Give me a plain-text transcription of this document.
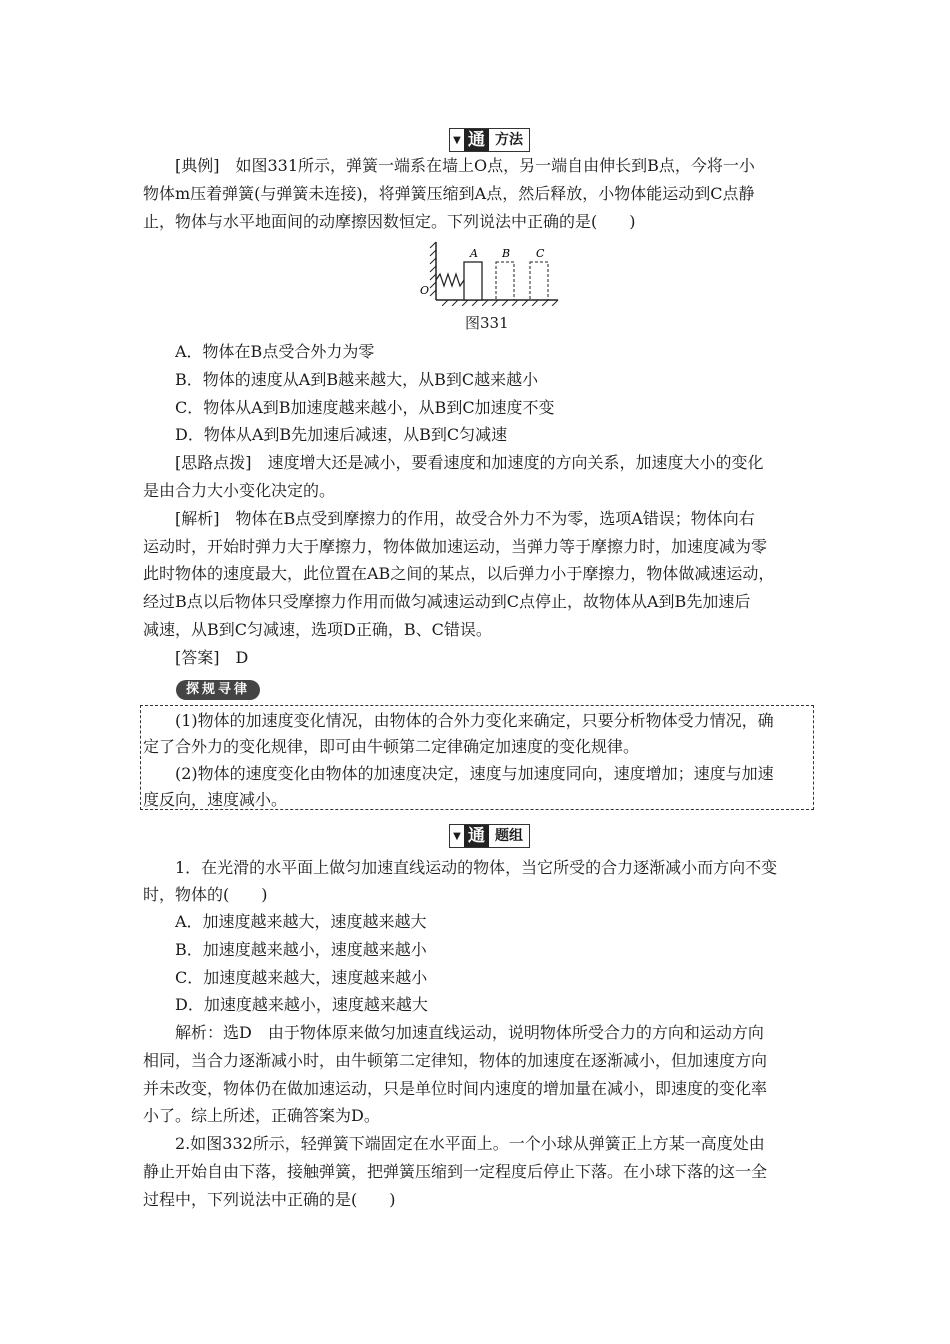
▼ 通 方法
[典例]　如图331所示，弹簧一端系在墙上O点，另一端自由伸长到B点，今将一小
物体m压着弹簧(与弹簧未连接)，将弹簧压缩到A点，然后释放，小物体能运动到C点静
止，物体与水平地面间的动摩擦因数恒定。下列说法中正确的是(　　)
A B C
O
图331
A．物体在B点受合外力为零
B．物体的速度从A到B越来越大，从B到C越来越小
C．物体从A到B加速度越来越小，从B到C加速度不变
D．物体从A到B先加速后减速，从B到C匀减速
[思路点拨]　速度增大还是减小，要看速度和加速度的方向关系，加速度大小的变化
是由合力大小变化决定的。
[解析]　物体在B点受到摩擦力的作用，故受合外力不为零，选项A错误；物体向右
运动时，开始时弹力大于摩擦力，物体做加速运动，当弹力等于摩擦力时，加速度减为零
此时物体的速度最大，此位置在AB之间的某点，以后弹力小于摩擦力，物体做减速运动，
经过B点以后物体只受摩擦力作用而做匀减速运动到C点停止，故物体从A到B先加速后
减速，从B到C匀减速，选项D正确，B、C错误。
[答案]　D
探规寻律
(1)物体的加速度变化情况，由物体的合外力变化来确定，只要分析物体受力情况，确
定了合外力的变化规律，即可由牛顿第二定律确定加速度的变化规律。
(2)物体的速度变化由物体的加速度决定，速度与加速度同向，速度增加；速度与加速
度反向，速度减小。
▼ 通 题组
1．在光滑的水平面上做匀加速直线运动的物体，当它所受的合力逐渐减小而方向不变
时，物体的(　　)
A．加速度越来越大，速度越来越大
B．加速度越来越小，速度越来越小
C．加速度越来越大，速度越来越小
D．加速度越来越小，速度越来越大
解析：选D　由于物体原来做匀加速直线运动，说明物体所受合力的方向和运动方向
相同，当合力逐渐减小时，由牛顿第二定律知，物体的加速度在逐渐减小，但加速度方向
并未改变，物体仍在做加速运动，只是单位时间内速度的增加量在减小，即速度的变化率
小了。综上所述，正确答案为D。
2.如图332所示，轻弹簧下端固定在水平面上。一个小球从弹簧正上方某一高度处由
静止开始自由下落，接触弹簧，把弹簧压缩到一定程度后停止下落。在小球下落的这一全
过程中，下列说法中正确的是(　　)
